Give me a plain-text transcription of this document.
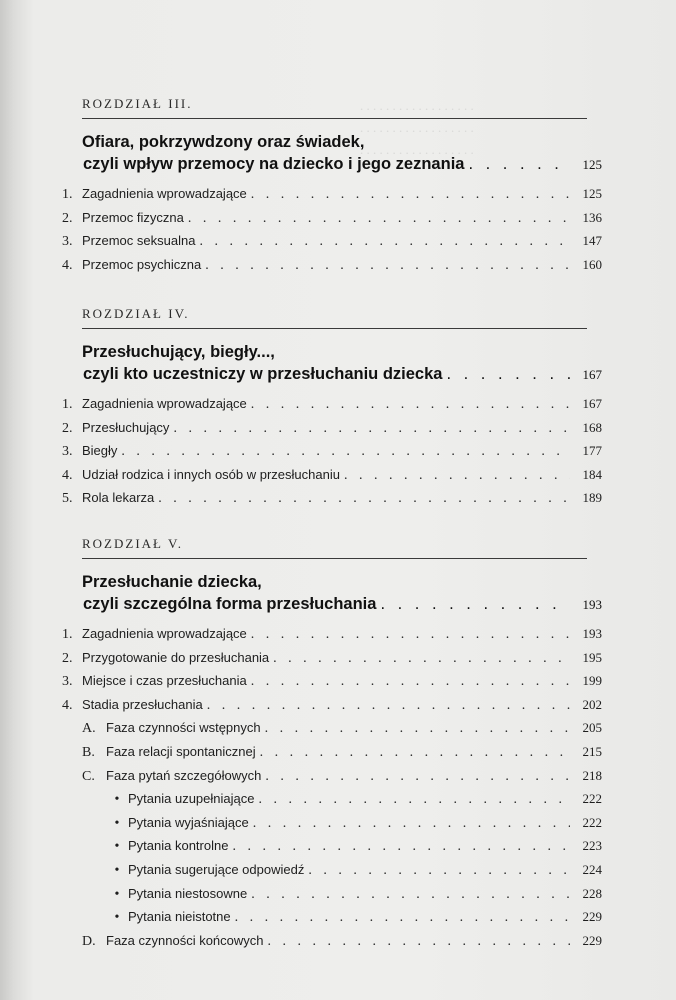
. . . . . . . . . . . . . . . . . .
. . . . . . . . . . . . . . . . . .
. . . . . . . . . . . . . . . . . .
ROZDZIAŁ III.
Ofiara, pokrzywdzony oraz świadek,
czyli wpływ przemocy na dziecko i jego zeznania . . .	125
1. Zagadnienia wprowadzające . . .	125
2. Przemoc fizyczna . . .	136
3. Przemoc seksualna . . .	147
4. Przemoc psychiczna . . .	160
ROZDZIAŁ IV.
Przesłuchujący, biegły...,
czyli kto uczestniczy w przesłuchaniu dziecka . . .	167
1. Zagadnienia wprowadzające . . .	167
2. Przesłuchujący . . .	168
3. Biegły . . .	177
4. Udział rodzica i innych osób w przesłuchaniu . . .	184
5. Rola lekarza . . .	189
ROZDZIAŁ V.
Przesłuchanie dziecka,
czyli szczególna forma przesłuchania . . .	193
1. Zagadnienia wprowadzające . . .	193
2. Przygotowanie do przesłuchania . . .	195
3. Miejsce i czas przesłuchania . . .	199
4. Stadia przesłuchania . . .	202
A. Faza czynności wstępnych . . .	205
B. Faza relacji spontanicznej . . .	215
C. Faza pytań szczegółowych . . .	218
• Pytania uzupełniające . . .	222
• Pytania wyjaśniające . . .	222
• Pytania kontrolne . . .	223
• Pytania sugerujące odpowiedź . . .	224
• Pytania niestosowne . . .	228
• Pytania nieistotne . . .	229
D. Faza czynności końcowych . . .	229
